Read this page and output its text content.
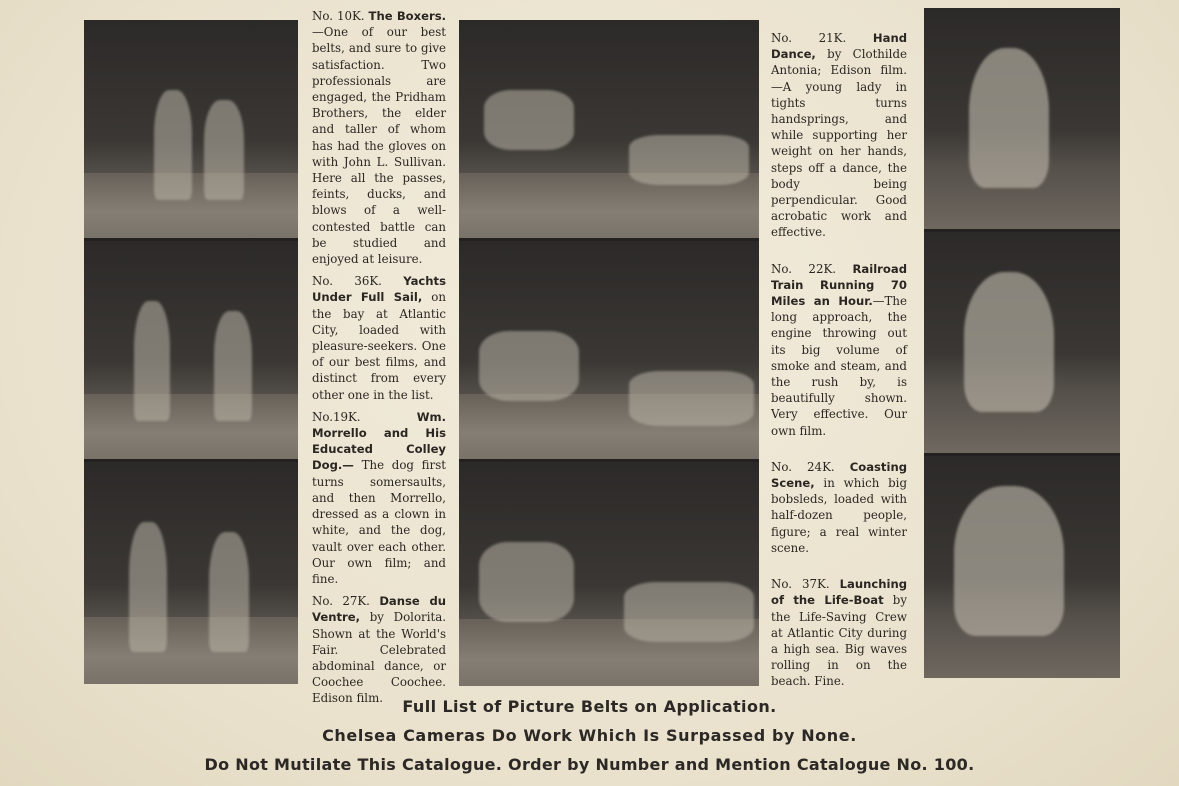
No. 10K. The Boxers.—One of our best belts, and sure to give satisfaction. Two professionals are engaged, the Pridham Brothers, the elder and taller of whom has had the gloves on with John L. Sullivan. Here all the passes, feints, ducks, and blows of a well-contested battle can be studied and enjoyed at leisure.

No. 36K. Yachts Under Full Sail, on the bay at Atlantic City, loaded with pleasure-seekers. One of our best films, and distinct from every other one in the list.

No.19K.	Wm. Morrello and His Educated Colley Dog.— The dog first turns somersaults, and then Morrello, dressed as a clown in white, and the dog, vault over each other. Our own film; and fine.

No. 27K. Danse du Ventre, by Dolorita. Shown at the World's Fair. Celebrated abdominal dance, or Coochee Coochee. Edison film.

No. 21K. Hand Dance, by Clothilde Antonia; Edison film. —A young lady in tights turns handsprings, and while supporting her weight on her hands, steps off a dance, the body being perpendicular. Good acrobatic work and effective.

No. 22K. Railroad Train Running 70 Miles an Hour.—The long approach, the engine throwing out its big volume of smoke and steam, and the rush by, is beautifully shown. Very effective. Our own film.

No. 24K. Coasting Scene, in which big bobsleds, loaded with half-dozen people, figure; a real winter scene.

No. 37K. Launching of the Life-Boat by the Life-Saving Crew at Atlantic City during a high sea. Big waves rolling in on the beach. Fine.

Full List of Picture Belts on Application.
Chelsea Cameras Do Work Which Is Surpassed by None.
Do Not Mutilate This Catalogue. Order by Number and Mention Catalogue No. 100.
